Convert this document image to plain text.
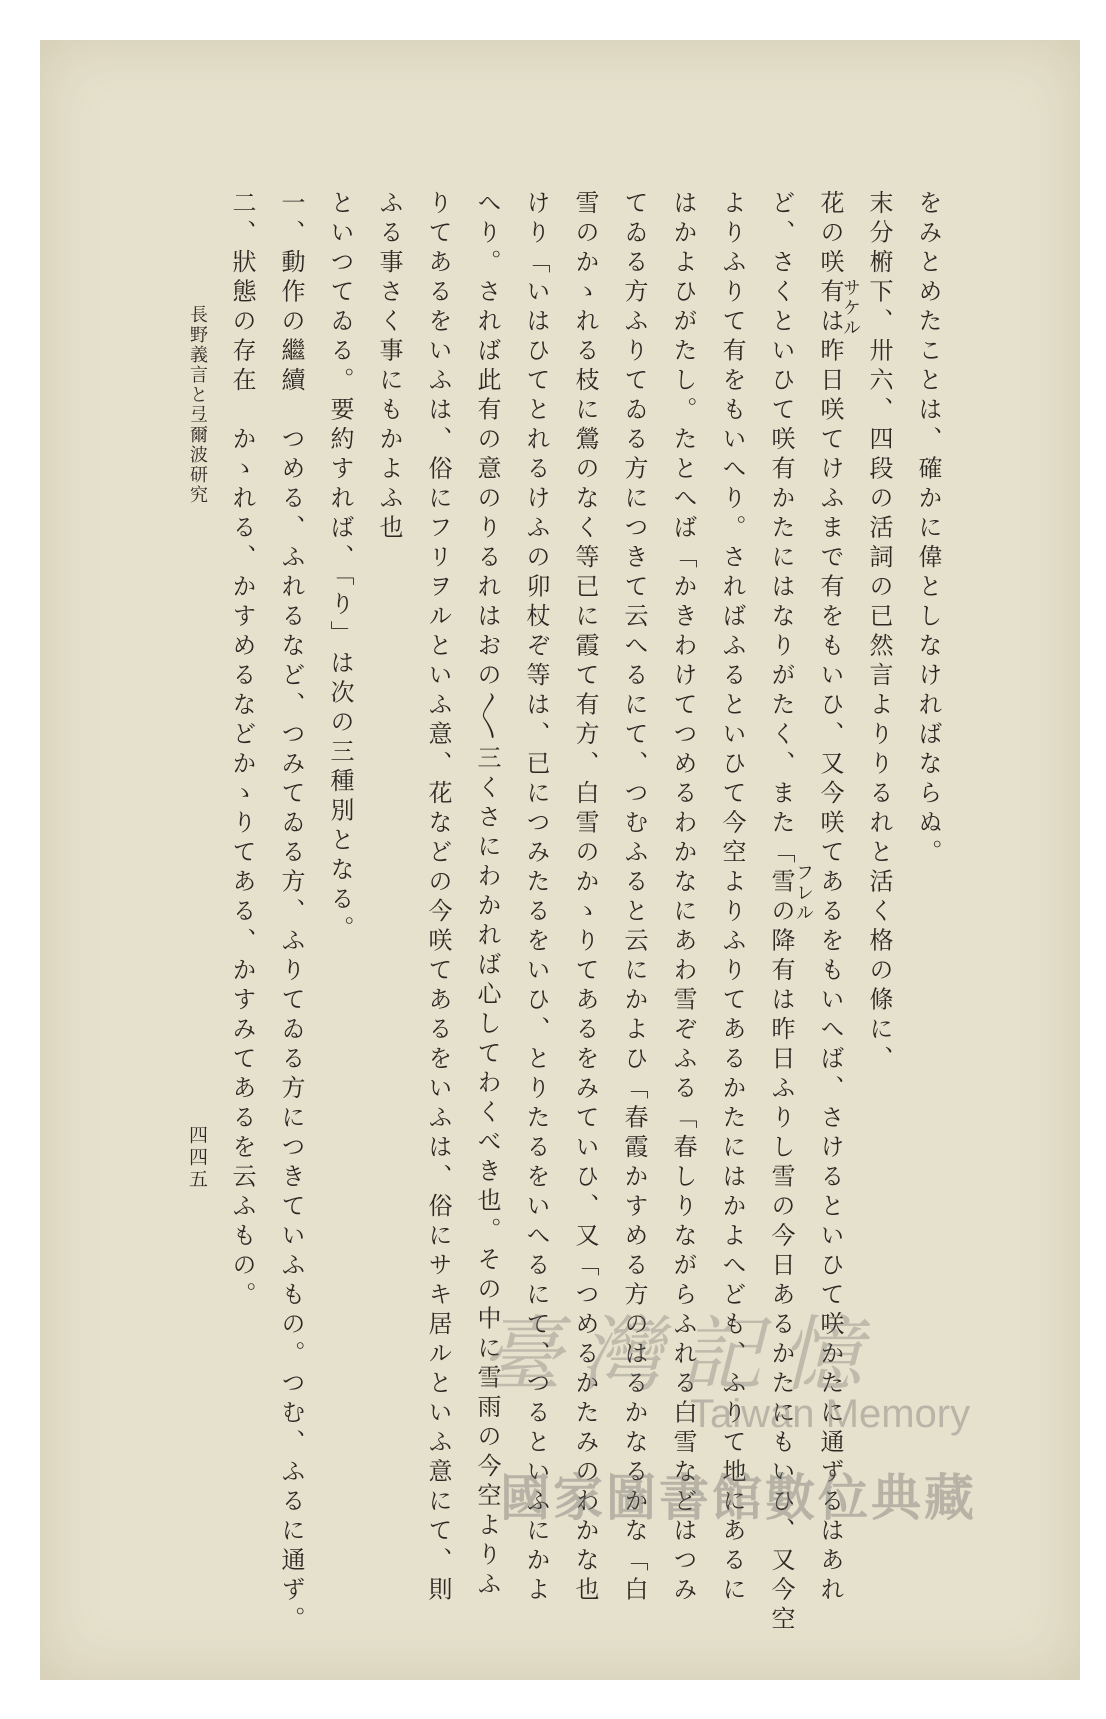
をみとめたことは、確かに偉としなければならぬ。
末分椨下、卅六、四段の活詞の已然言よりりるれと活く格の條に、
花の咲有は昨日咲てけふまで有をもいひ、又今咲てあるをもいへば、さけるといひて咲かたに通ずるはあれ
ど、さくといひて咲有かたにはなりがたく、また「雪の降有は昨日ふりし雪の今日あるかたにもいひ、又今空
よりふりて有をもいへり。さればふるといひて今空よりふりてあるかたにはかよへども、ふりて地にあるに
はかよひがたし。たとへば「かきわけてつめるわかなにあわ雪ぞふる「春しりながらふれる白雪などはつみ
てゐる方ふりてゐる方につきて云へるにて、つむふると云にかよひ「春霞かすめる方のはるかなるかな「白
雪のかゝれる枝に鶯のなく等已に霞て有方、白雪のかゝりてあるをみていひ、又「つめるかたみのわかな也
けり「いはひてとれるけふの卯杖ぞ等は、已につみたるをいひ、とりたるをいへるにて、つるといふにかよ
へり。されば此有の意のりるれはおの〳〵三くさにわかれば心してわくべき也。その中に雪雨の今空よりふ
りてあるをいふは、俗にフリヲルといふ意、花などの今咲てあるをいふは、俗にサキ居ルといふ意にて、則
ふる事さく事にもかよふ也
といつてゐる。要約すれば、「り」は次の三種別となる。
一、動作の繼續　つめる、ふれるなど、つみてゐる方、ふりてゐる方につきていふもの。つむ、ふるに通ず。
二、狀態の存在　かゝれる、かすめるなどかゝりてある、かすみてあるを云ふもの。	サケル
フレル
長野義言と弖爾波研究
四四五
臺灣記憶
Taiwan Memory
國家圖書館數位典藏
